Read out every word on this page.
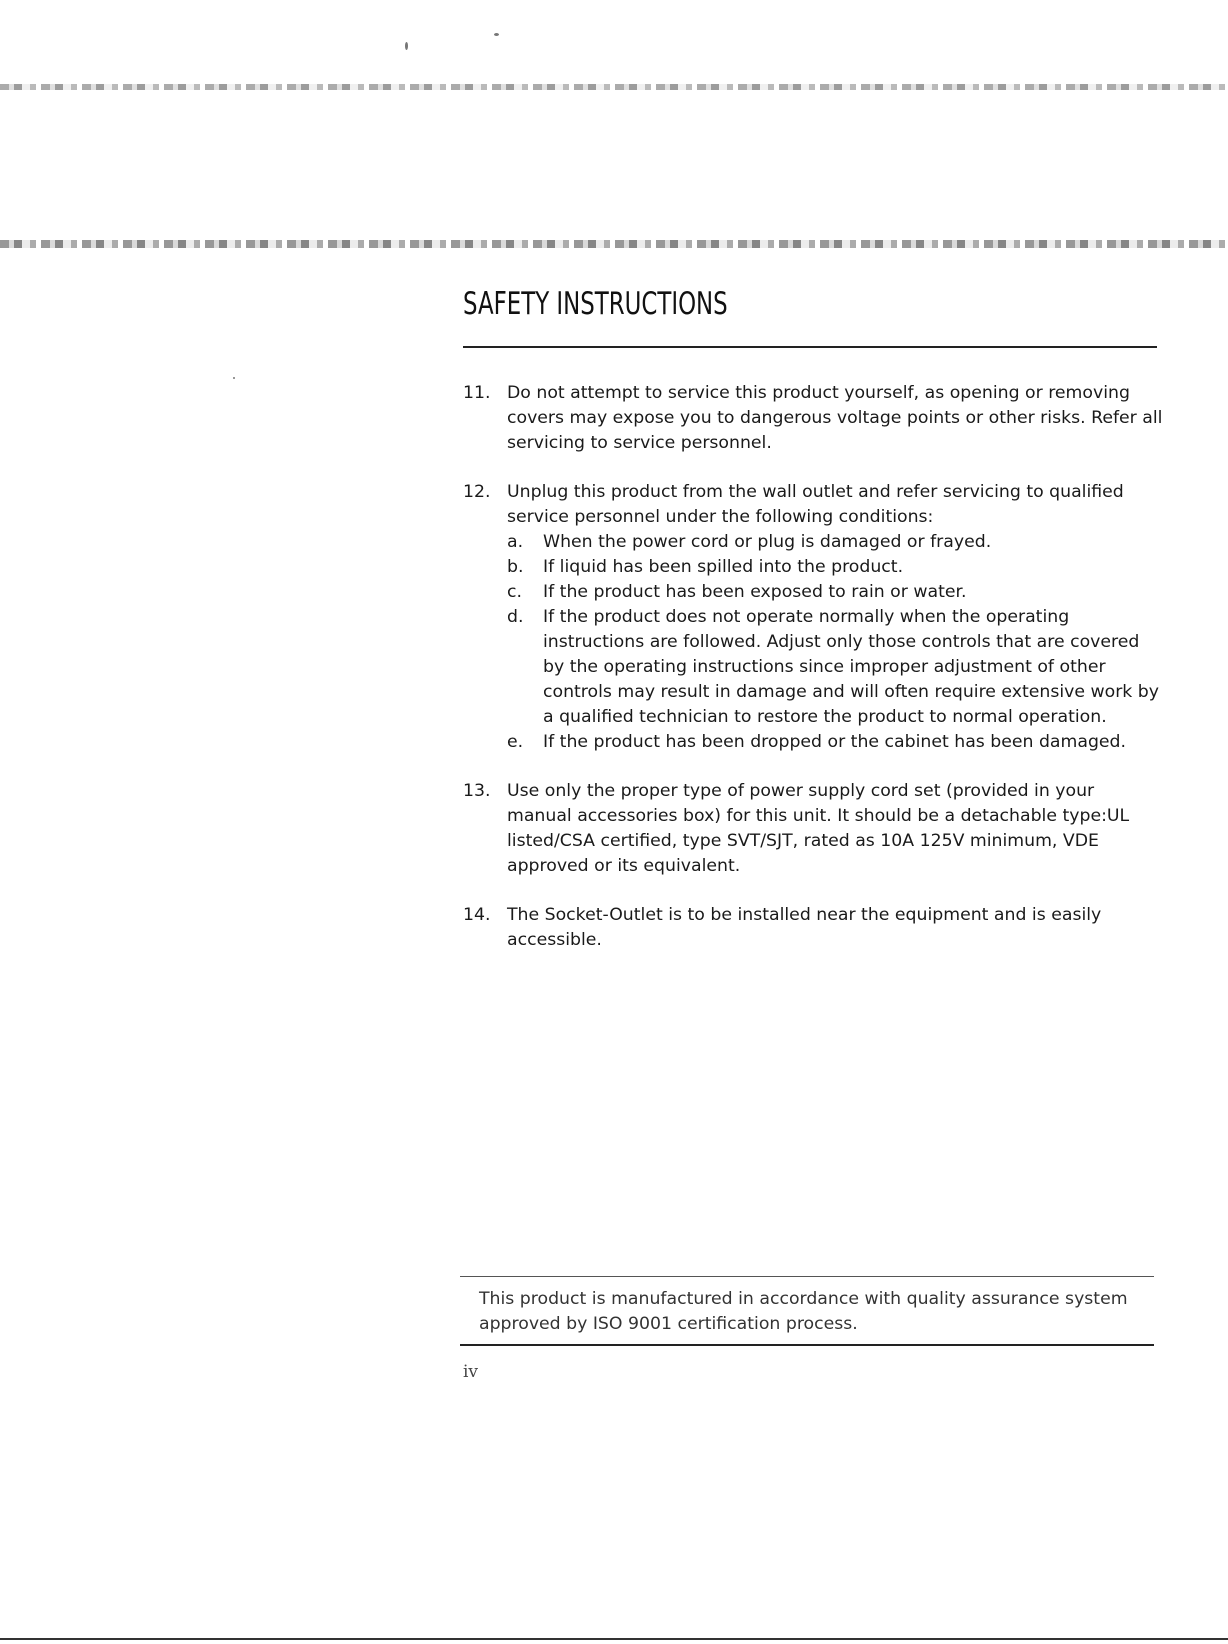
SAFETY INSTRUCTIONS
11. Do not attempt to service this product yourself, as opening or removing covers may expose you to dangerous voltage points or other risks. Refer all servicing to service personnel.
12. Unplug this product from the wall outlet and refer servicing to qualified service personnel under the following conditions:
a. When the power cord or plug is damaged or frayed.
b. If liquid has been spilled into the product.
c. If the product has been exposed to rain or water.
d. If the product does not operate normally when the operating instructions are followed. Adjust only those controls that are covered by the operating instructions since improper adjustment of other controls may result in damage and will often require extensive work by a qualified technician to restore the product to normal operation.
e. If the product has been dropped or the cabinet has been damaged.
13. Use only the proper type of power supply cord set (provided in your manual accessories box) for this unit. It should be a detachable type:UL listed/CSA certified, type SVT/SJT, rated as 10A 125V minimum, VDE approved or its equivalent.
14. The Socket-Outlet is to be installed near the equipment and is easily accessible.
This product is manufactured in accordance with quality assurance system approved by ISO 9001 certification process.
iv
